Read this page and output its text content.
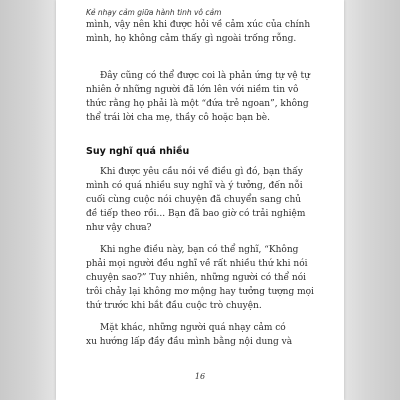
Kẻ nhạy cảm giữa hành tinh vô cảm
mình, vậy nên khi được hỏi về cảm xúc của chính
mình, họ không cảm thấy gì ngoài trống rỗng.
Đây cũng có thể được coi là phản ứng tự vệ tự
nhiên ở những người đã lớn lên với niềm tin vô
thức rằng họ phải là một “đứa trẻ ngoan”, không
thể trái lời cha mẹ, thầy cô hoặc bạn bè.
Suy nghĩ quá nhiều
Khi được yêu cầu nói về điều gì đó, bạn thấy
mình có quá nhiều suy nghĩ và ý tưởng, đến nỗi
cuối cùng cuộc nói chuyện đã chuyển sang chủ
đề tiếp theo rồi... Bạn đã bao giờ có trải nghiệm
như vậy chưa?
Khi nghe điều này, bạn có thể nghĩ, “Không
phải mọi người đều nghĩ về rất nhiều thứ khi nói
chuyện sao?” Tuy nhiên, những người có thể nói
trôi chảy lại không mơ mộng hay tưởng tượng mọi
thứ trước khi bắt đầu cuộc trò chuyện.
Mặt khác, những người quá nhạy cảm có
xu hướng lấp đầy đầu mình bằng nội dung và
16
